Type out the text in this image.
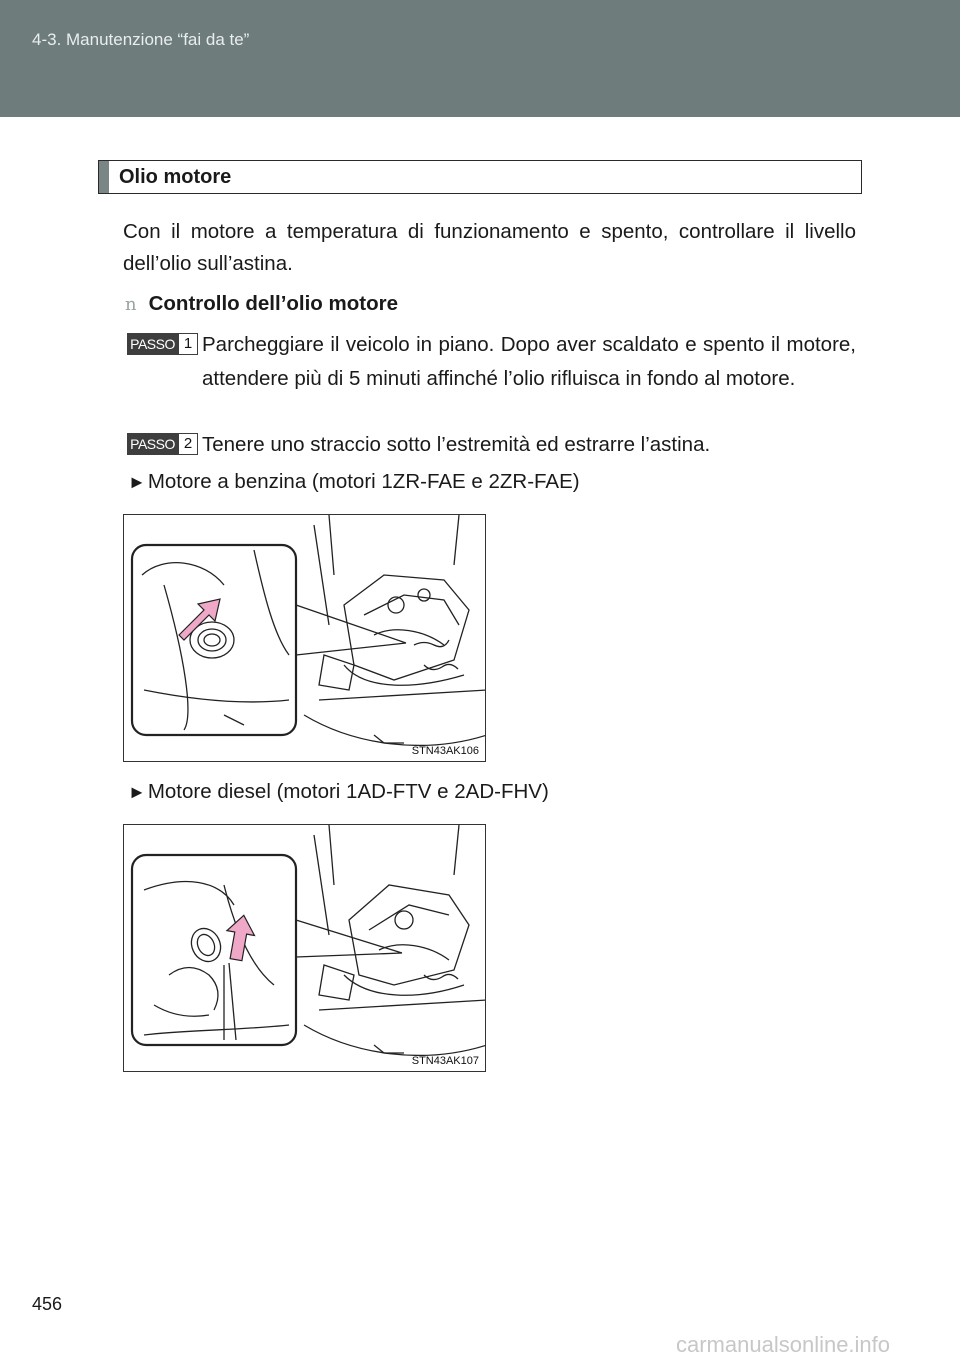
4-3. Manutenzione “fai da te”
Olio motore
Con il motore a temperatura di funzionamento e spento, controllare il livello dell’olio sull’astina.
n Controllo dell’olio motore
PASSO 1 Parcheggiare il veicolo in piano. Dopo aver scaldato e spento il motore, attendere più di 5 minuti affinché l’olio rifluisca in fondo al motore.
PASSO 2 Tenere uno straccio sotto l’estremità ed estrarre l’astina.
►Motore a benzina (motori 1ZR-FAE e 2ZR-FAE)
STN43AK106
►Motore diesel (motori 1AD-FTV e 2AD-FHV)
STN43AK107
456
carmanualsonline.info
